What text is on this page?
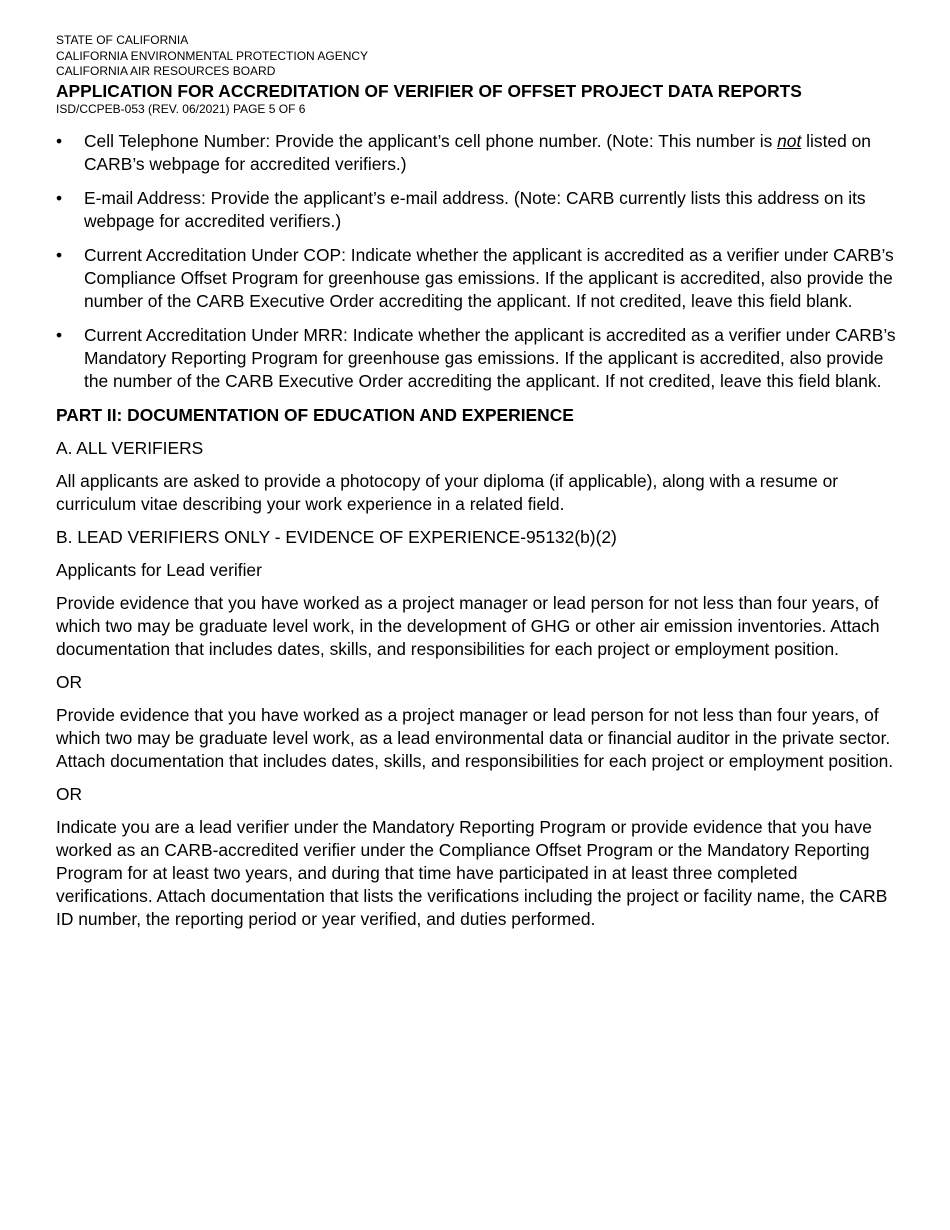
STATE OF CALIFORNIA
CALIFORNIA ENVIRONMENTAL PROTECTION AGENCY
CALIFORNIA AIR RESOURCES BOARD
APPLICATION FOR ACCREDITATION OF VERIFIER OF OFFSET PROJECT DATA REPORTS
ISD/CCPEB-053 (REV. 06/2021) PAGE 5 OF 6
• Cell Telephone Number: Provide the applicant’s cell phone number. (Note: This number is not listed on CARB’s webpage for accredited verifiers.)
• E-mail Address: Provide the applicant’s e-mail address. (Note: CARB currently lists this address on its webpage for accredited verifiers.)
• Current Accreditation Under COP: Indicate whether the applicant is accredited as a verifier under CARB’s Compliance Offset Program for greenhouse gas emissions. If the applicant is accredited, also provide the number of the CARB Executive Order accrediting the applicant. If not credited, leave this field blank.
• Current Accreditation Under MRR: Indicate whether the applicant is accredited as a verifier under CARB’s Mandatory Reporting Program for greenhouse gas emissions. If the applicant is accredited, also provide the number of the CARB Executive Order accrediting the applicant. If not credited, leave this field blank.

PART II: DOCUMENTATION OF EDUCATION AND EXPERIENCE

A. ALL VERIFIERS

All applicants are asked to provide a photocopy of your diploma (if applicable), along with a resume or curriculum vitae describing your work experience in a related field.

B. LEAD VERIFIERS ONLY - EVIDENCE OF EXPERIENCE-95132(b)(2)

Applicants for Lead verifier

Provide evidence that you have worked as a project manager or lead person for not less than four years, of which two may be graduate level work, in the development of GHG or other air emission inventories. Attach documentation that includes dates, skills, and responsibilities for each project or employment position.

OR

Provide evidence that you have worked as a project manager or lead person for not less than four years, of which two may be graduate level work, as a lead environmental data or financial auditor in the private sector. Attach documentation that includes dates, skills, and responsibilities for each project or employment position.

OR

Indicate you are a lead verifier under the Mandatory Reporting Program or provide evidence that you have worked as an CARB-accredited verifier under the Compliance Offset Program or the Mandatory Reporting Program for at least two years, and during that time have participated in at least three completed verifications. Attach documentation that lists the verifications including the project or facility name, the CARB ID number, the reporting period or year verified, and duties performed.
